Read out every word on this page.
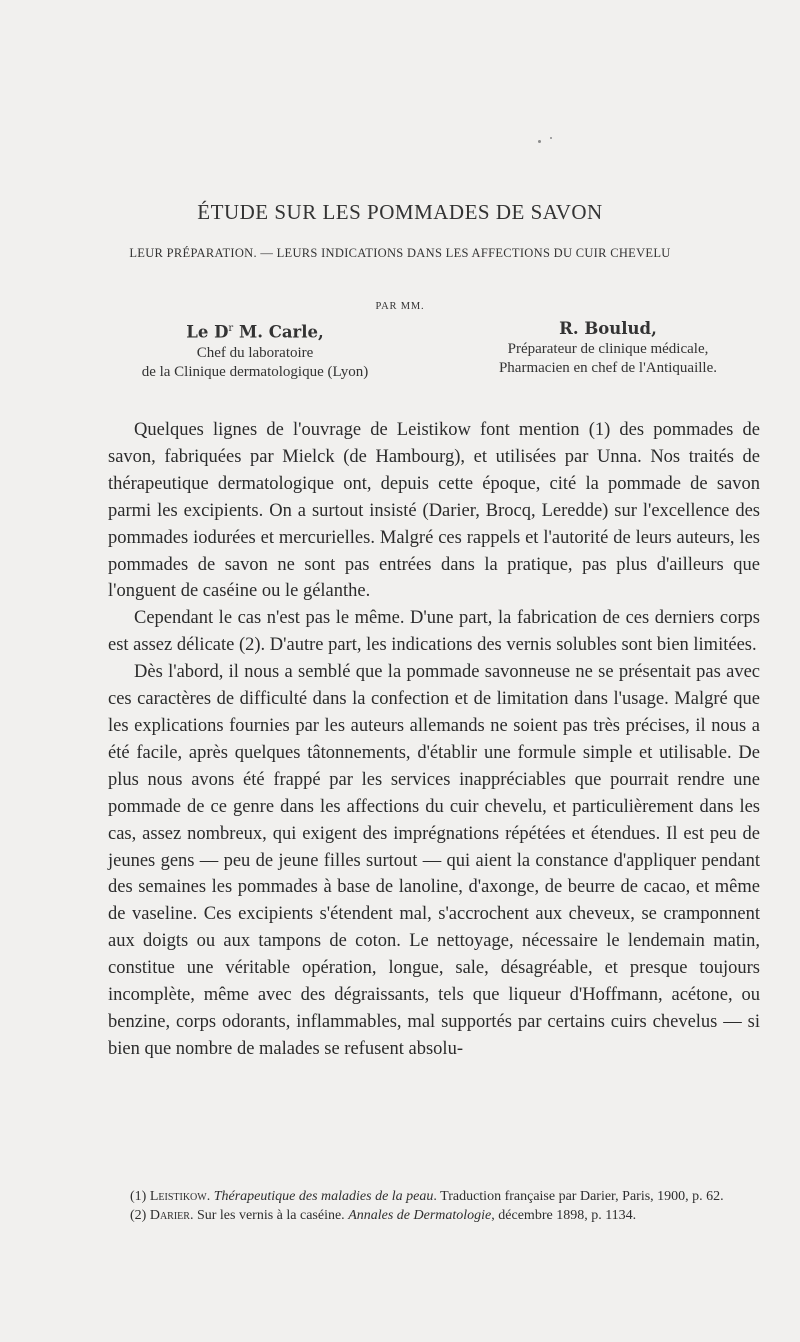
ÉTUDE SUR LES POMMADES DE SAVON
LEUR PRÉPARATION. — LEURS INDICATIONS DANS LES AFFECTIONS DU CUIR CHEVELU
PAR MM.
Le $D^r$ M. Carle,
Chef du laboratoire
de la Clinique dermatologique (Lyon)
R. Boulud,
Préparateur de clinique médicale,
Pharmacien en chef de l'Antiquaille.

Quelques lignes de l'ouvrage de Leistikow font mention (1) des pommades de savon, fabriquées par Mielck (de Hambourg), et utilisées par Unna. Nos traités de thérapeutique dermatologique ont, depuis cette époque, cité la pommade de savon parmi les excipients. On a surtout insisté (Darier, Brocq, Leredde) sur l'excellence des pommades iodurées et mercurielles. Malgré ces rappels et l'autorité de leurs auteurs, les pommades de savon ne sont pas entrées dans la pratique, pas plus d'ailleurs que l'onguent de caséine ou le gélanthe.

Cependant le cas n'est pas le même. D'une part, la fabrication de ces derniers corps est assez délicate (2). D'autre part, les indications des vernis solubles sont bien limitées.

Dès l'abord, il nous a semblé que la pommade savonneuse ne se présentait pas avec ces caractères de difficulté dans la confection et de limitation dans l'usage. Malgré que les explications fournies par les auteurs allemands ne soient pas très précises, il nous a été facile, après quelques tâtonnements, d'établir une formule simple et utilisable. De plus nous avons été frappé par les services inappréciables que pourrait rendre une pommade de ce genre dans les affections du cuir chevelu, et particulièrement dans les cas, assez nombreux, qui exigent des imprégnations répétées et étendues. Il est peu de jeunes gens — peu de jeune filles surtout — qui aient la constance d'appliquer pendant des semaines les pommades à base de lanoline, d'axonge, de beurre de cacao, et même de vaseline. Ces excipients s'étendent mal, s'accrochent aux cheveux, se cramponnent aux doigts ou aux tampons de coton. Le nettoyage, nécessaire le lendemain matin, constitue une véritable opération, longue, sale, désagréable, et presque toujours incomplète, même avec des dégraissants, tels que liqueur d'Hoffmann, acétone, ou benzine, corps odorants, inflammables, mal supportés par certains cuirs chevelus — si bien que nombre de malades se refusent absolu-

(1) Leistikow. Thérapeutique des maladies de la peau. Traduction française par Darier, Paris, 1900, p. 62.

(2) Darier. Sur les vernis à la caséine. Annales de Dermatologie, décembre 1898, p. 1134.
